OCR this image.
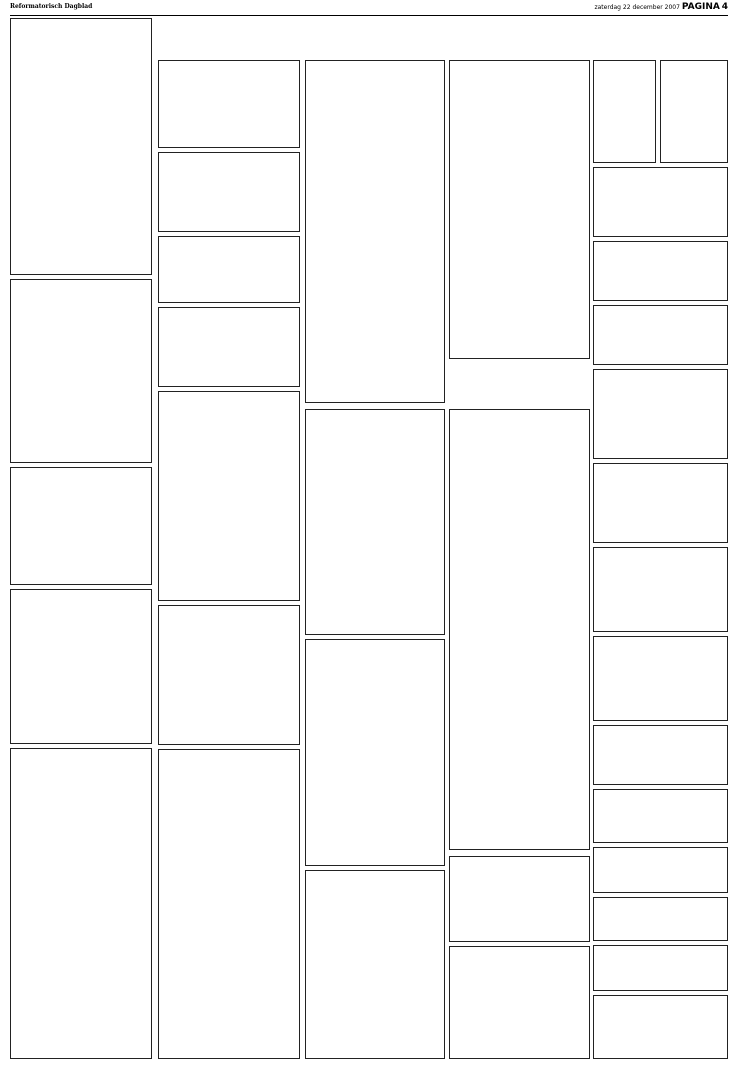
Reformatorisch Dagblad	zaterdag 22 december 2007 PAGINA 4
